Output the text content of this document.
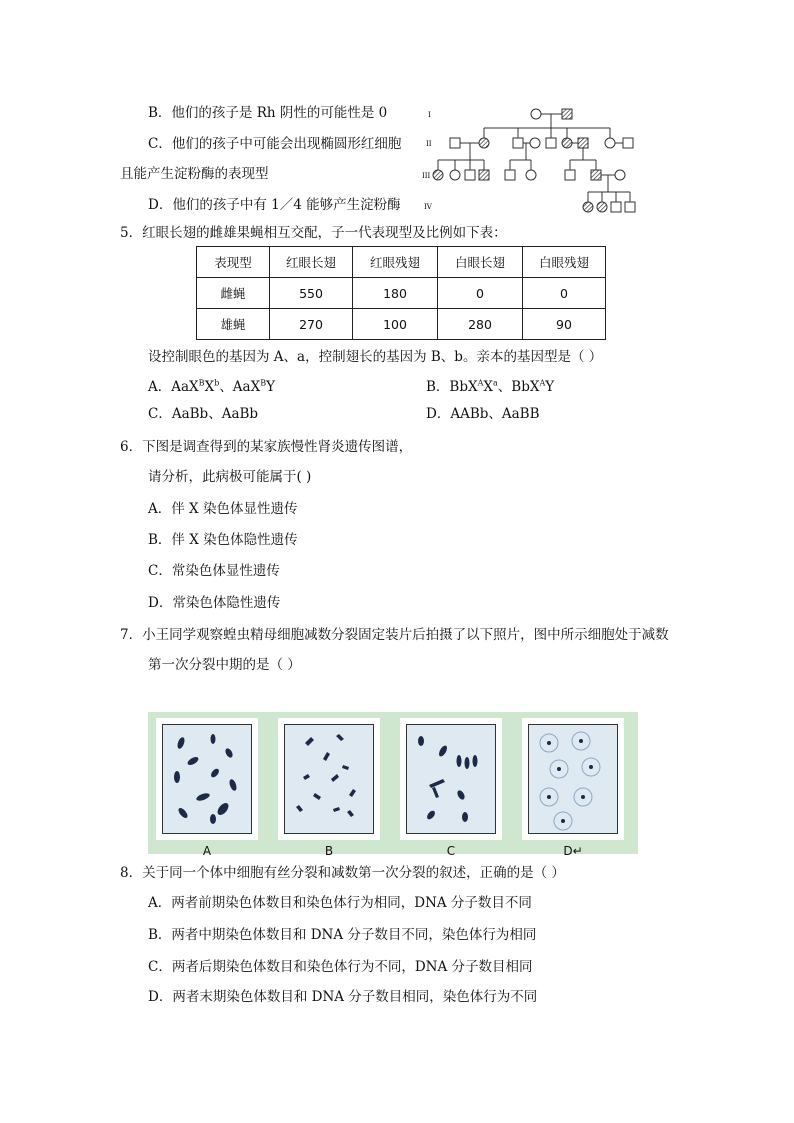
B．他们的孩子是 Rh 阴性的可能性是 0
C．他们的孩子中可能会出现椭圆形红细胞
且能产生淀粉酶的表现型
D．他们的孩子中有 1／4 能够产生淀粉酶
I
II
III
IV
5．红眼长翅的雌雄果蝇相互交配，子一代表现型及比例如下表：
表现型	红眼长翅	红眼残翅	白眼长翅	白眼残翅
雌蝇	550	180	0	0
雄蝇	270	100	280	90
设控制眼色的基因为 A、a，控制翅长的基因为 B、b。亲本的基因型是（ ）
A．$AaX^BX^b$、AaX$^B$Y	B．$BbX^AX^a$、BbX$^A$Y
C．AaBb、AaBb	D．AABb、AaBB
6．下图是调查得到的某家族慢性肾炎遗传图谱，
请分析，此病极可能属于( )
A．伴 X 染色体显性遗传
B．伴 X 染色体隐性遗传
C．常染色体显性遗传
D．常染色体隐性遗传
7．小王同学观察蝗虫精母细胞减数分裂固定装片后拍摄了以下照片，图中所示细胞处于减数
第一次分裂中期的是（ ）
A	B	C	D↵
8．关于同一个体中细胞有丝分裂和减数第一次分裂的叙述，正确的是（ ）
A．两者前期染色体数目和染色体行为相同，DNA 分子数目不同
B．两者中期染色体数目和 DNA 分子数目不同，染色体行为相同
C．两者后期染色体数目和染色体行为不同，DNA 分子数目相同
D．两者末期染色体数目和 DNA 分子数目相同，染色体行为不同
